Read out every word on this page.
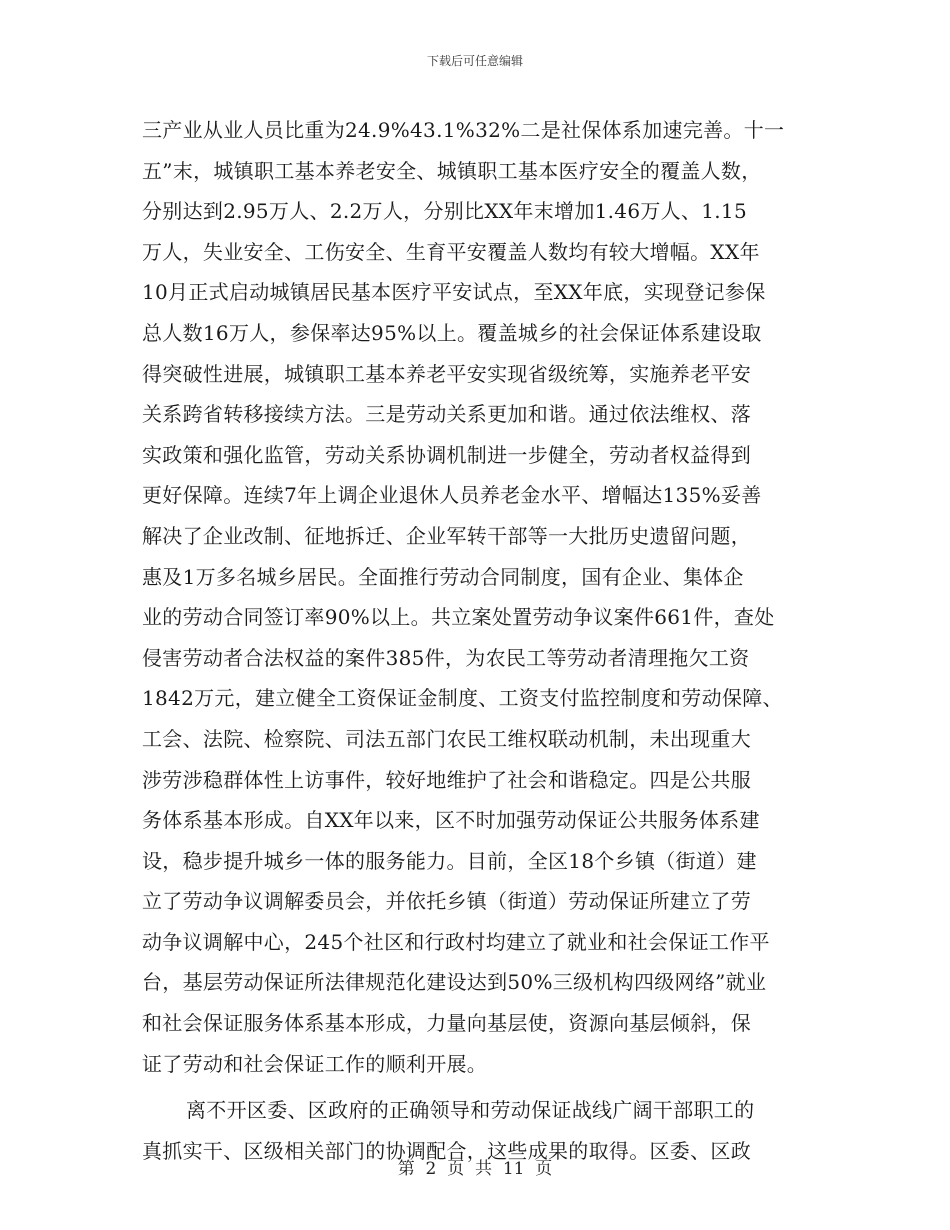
下载后可任意编辑
三产业从业人员比重为24.9%43.1%32%二是社保体系加速完善。十一
五”末，城镇职工基本养老安全、城镇职工基本医疗安全的覆盖人数，
分别达到2.95万人、2.2万人，分别比XX年末增加1.46万人、1.15
万人，失业安全、工伤安全、生育平安覆盖人数均有较大增幅。XX年
10月正式启动城镇居民基本医疗平安试点，至XX年底，实现登记参保
总人数16万人，参保率达95%以上。覆盖城乡的社会保证体系建设取
得突破性进展，城镇职工基本养老平安实现省级统筹，实施养老平安
关系跨省转移接续方法。三是劳动关系更加和谐。通过依法维权、落
实政策和强化监管，劳动关系协调机制进一步健全，劳动者权益得到
更好保障。连续7年上调企业退休人员养老金水平、增幅达135%妥善
解决了企业改制、征地拆迁、企业军转干部等一大批历史遗留问题，
惠及1万多名城乡居民。全面推行劳动合同制度，国有企业、集体企
业的劳动合同签订率90%以上。共立案处置劳动争议案件661件，查处
侵害劳动者合法权益的案件385件，为农民工等劳动者清理拖欠工资
1842万元，建立健全工资保证金制度、工资支付监控制度和劳动保障、
工会、法院、检察院、司法五部门农民工维权联动机制，未出现重大
涉劳涉稳群体性上访事件，较好地维护了社会和谐稳定。四是公共服
务体系基本形成。自XX年以来，区不时加强劳动保证公共服务体系建
设，稳步提升城乡一体的服务能力。目前，全区18个乡镇（街道）建
立了劳动争议调解委员会，并依托乡镇（街道）劳动保证所建立了劳
动争议调解中心，245个社区和行政村均建立了就业和社会保证工作平
台，基层劳动保证所法律规范化建设达到50%三级机构四级网络”就业
和社会保证服务体系基本形成，力量向基层使，资源向基层倾斜，保
证了劳动和社会保证工作的顺利开展。
离不开区委、区政府的正确领导和劳动保证战线广阔干部职工的
真抓实干、区级相关部门的协调配合，这些成果的取得。区委、区政
第 2 页 共 11 页
